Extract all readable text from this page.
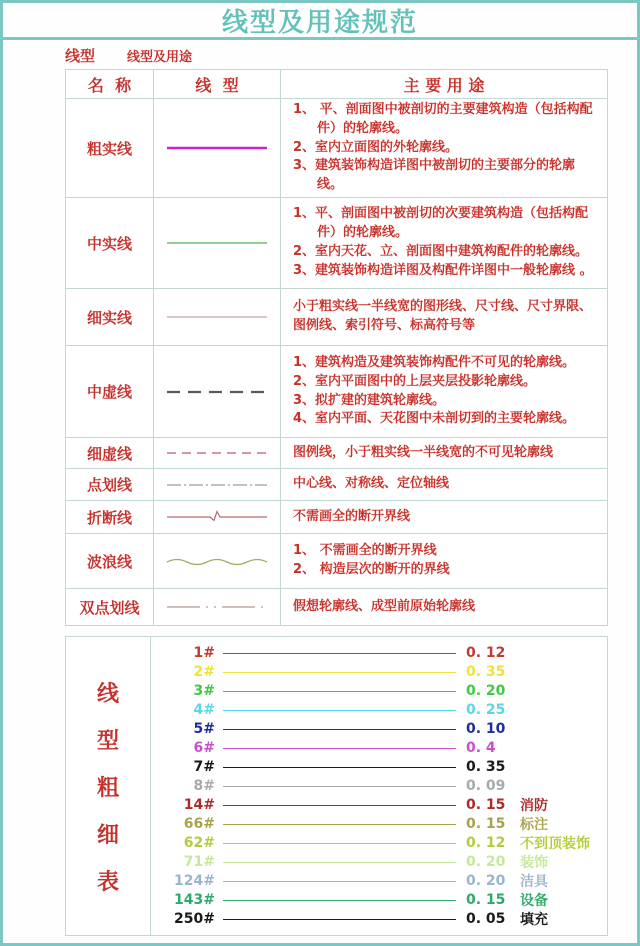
线型及用途规范
线型 线型及用途
名  称	线  型	主 要 用 途
粗实线
1、 平、剖面图中被剖切的主要建筑构造（包括构配件）的轮廓线。
2、室内立面图的外轮廓线。
3、建筑装饰构造详图中被剖切的主要部分的轮廓线。
中实线
1、平、剖面图中被剖切的次要建筑构造（包括构配件）的轮廓线。
2、室内天花、立、剖面图中建筑构配件的轮廓线。
3、建筑装饰构造详图及构配件详图中一般轮廓线 。
细实线
小于粗实线一半线宽的图形线、尺寸线、尺寸界限、图例线、索引符号、标高符号等
中虚线
1、建筑构造及建筑装饰构配件不可见的轮廓线。
2、室内平面图中的上层夹层投影轮廓线。
3、拟扩建的建筑轮廓线。
4、室内平面、天花图中未剖切到的主要轮廓线。
细虚线	图例线，小于粗实线一半线宽的不可见轮廓线
点划线	中心线、对称线、定位轴线
折断线	不需画全的断开界线
波浪线
1、 不需画全的断开界线
2、 构造层次的断开的界线
双点划线	假想轮廓线、成型前原始轮廓线
线
型
粗
细
表
1#	0. 12
2#	0. 35
3#	0. 20
4#	0. 25
5#	0. 10
6#	0. 4
7#	0. 35
8#	0. 09
14#	0. 15	消防
66#	0. 15	标注
62#	0. 12	不到顶装饰
71#	0. 20	装饰
124#	0. 20	洁具
143#	0. 15	设备
250#	0. 05	填充
